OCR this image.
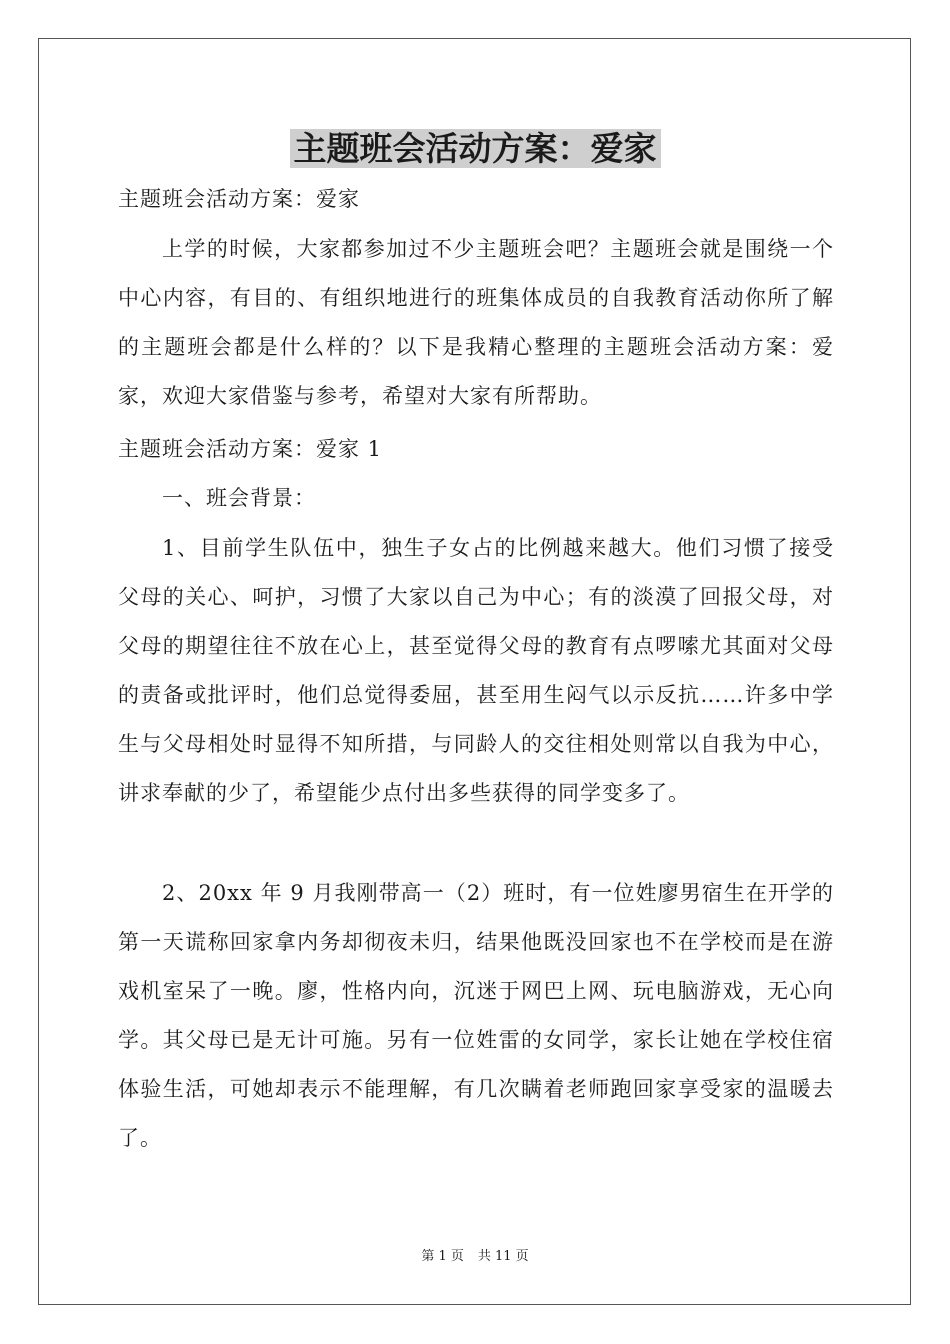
主题班会活动方案：爱家
主题班会活动方案：爱家

上学的时候，大家都参加过不少主题班会吧？主题班会就是围绕一个中心内容，有目的、有组织地进行的班集体成员的自我教育活动你所了解的主题班会都是什么样的？以下是我精心整理的主题班会活动方案：爱家，欢迎大家借鉴与参考，希望对大家有所帮助。

主题班会活动方案：爱家 1
一、班会背景：

1、目前学生队伍中，独生子女占的比例越来越大。他们习惯了接受父母的关心、呵护，习惯了大家以自己为中心；有的淡漠了回报父母，对父母的期望往往不放在心上，甚至觉得父母的教育有点啰嗦尤其面对父母的责备或批评时，他们总觉得委屈，甚至用生闷气以示反抗……许多中学生与父母相处时显得不知所措，与同龄人的交往相处则常以自我为中心，讲求奉献的少了，希望能少点付出多些获得的同学变多了。

2、20xx 年 9 月我刚带高一（2）班时，有一位姓廖男宿生在开学的第一天谎称回家拿内务却彻夜未归，结果他既没回家也不在学校而是在游戏机室呆了一晚。廖，性格内向，沉迷于网巴上网、玩电脑游戏，无心向学。其父母已是无计可施。另有一位姓雷的女同学，家长让她在学校住宿体验生活，可她却表示不能理解，有几次瞒着老师跑回家享受家的温暖去了。

第 1 页 共 11 页
